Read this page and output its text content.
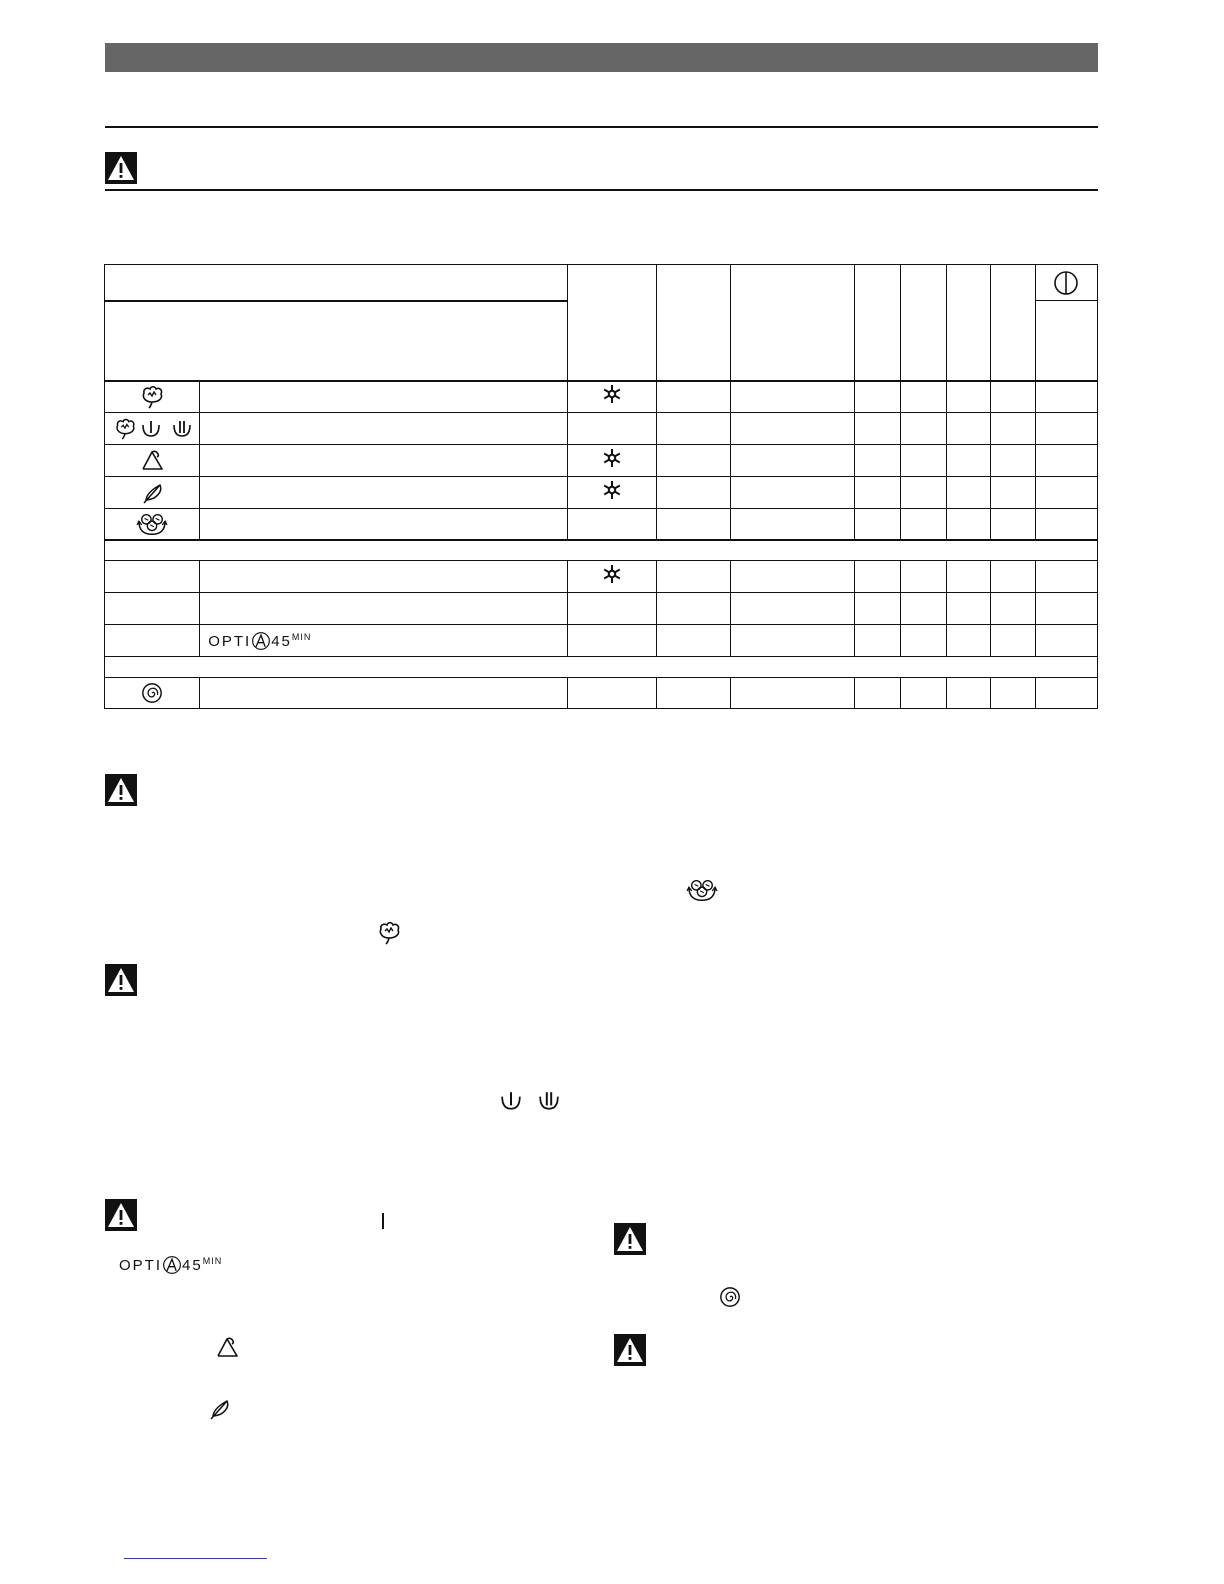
	OPTI $45^{MIN}$								

OPTI $45^{MIN}$
